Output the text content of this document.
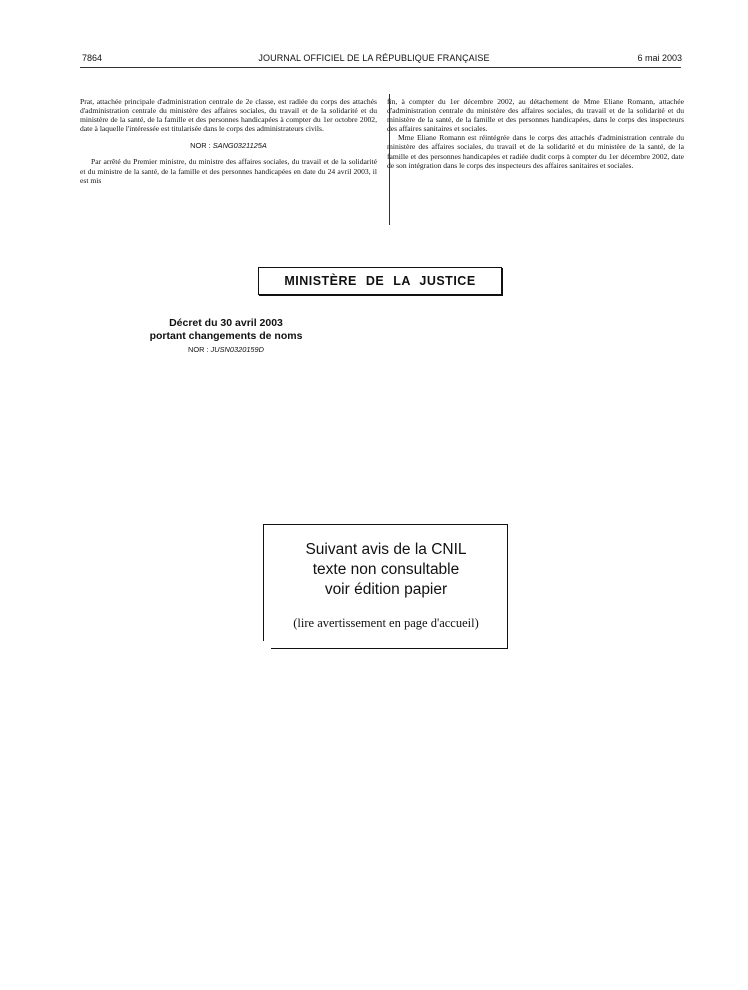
7864	JOURNAL OFFICIEL DE LA RÉPUBLIQUE FRANÇAISE	6 mai 2003

Prat, attachée principale d'administration centrale de 2e classe, est radiée du corps des attachés d'administration centrale du ministère des affaires sociales, du travail et de la solidarité et du ministère de la santé, de la famille et des personnes handicapées à compter du 1er octobre 2002, date à laquelle l'intéressée est titularisée dans le corps des administrateurs civils.

NOR : SANG0321125A

Par arrêté du Premier ministre, du ministre des affaires sociales, du travail et de la solidarité et du ministre de la santé, de la famille et des personnes handicapées en date du 24 avril 2003, il est mis

fin, à compter du 1er décembre 2002, au détachement de Mme Eliane Romann, attachée d'administration centrale du ministère des affaires sociales, du travail et de la solidarité et du ministère de la santé, de la famille et des personnes handicapées, dans le corps des inspecteurs des affaires sanitaires et sociales.

Mme Eliane Romann est réintégrée dans le corps des attachés d'administration centrale du ministère des affaires sociales, du travail et de la solidarité et du ministère de la santé, de la famille et des personnes handicapées et radiée dudit corps à compter du 1er décembre 2002, date de son intégration dans le corps des inspecteurs des affaires sanitaires et sociales.

MINISTÈRE DE LA JUSTICE
Décret du 30 avril 2003
portant changements de noms
NOR : JUSN0320159D
Suivant avis de la CNIL
texte non consultable
voir édition papier
(lire avertissement en page d'accueil)
